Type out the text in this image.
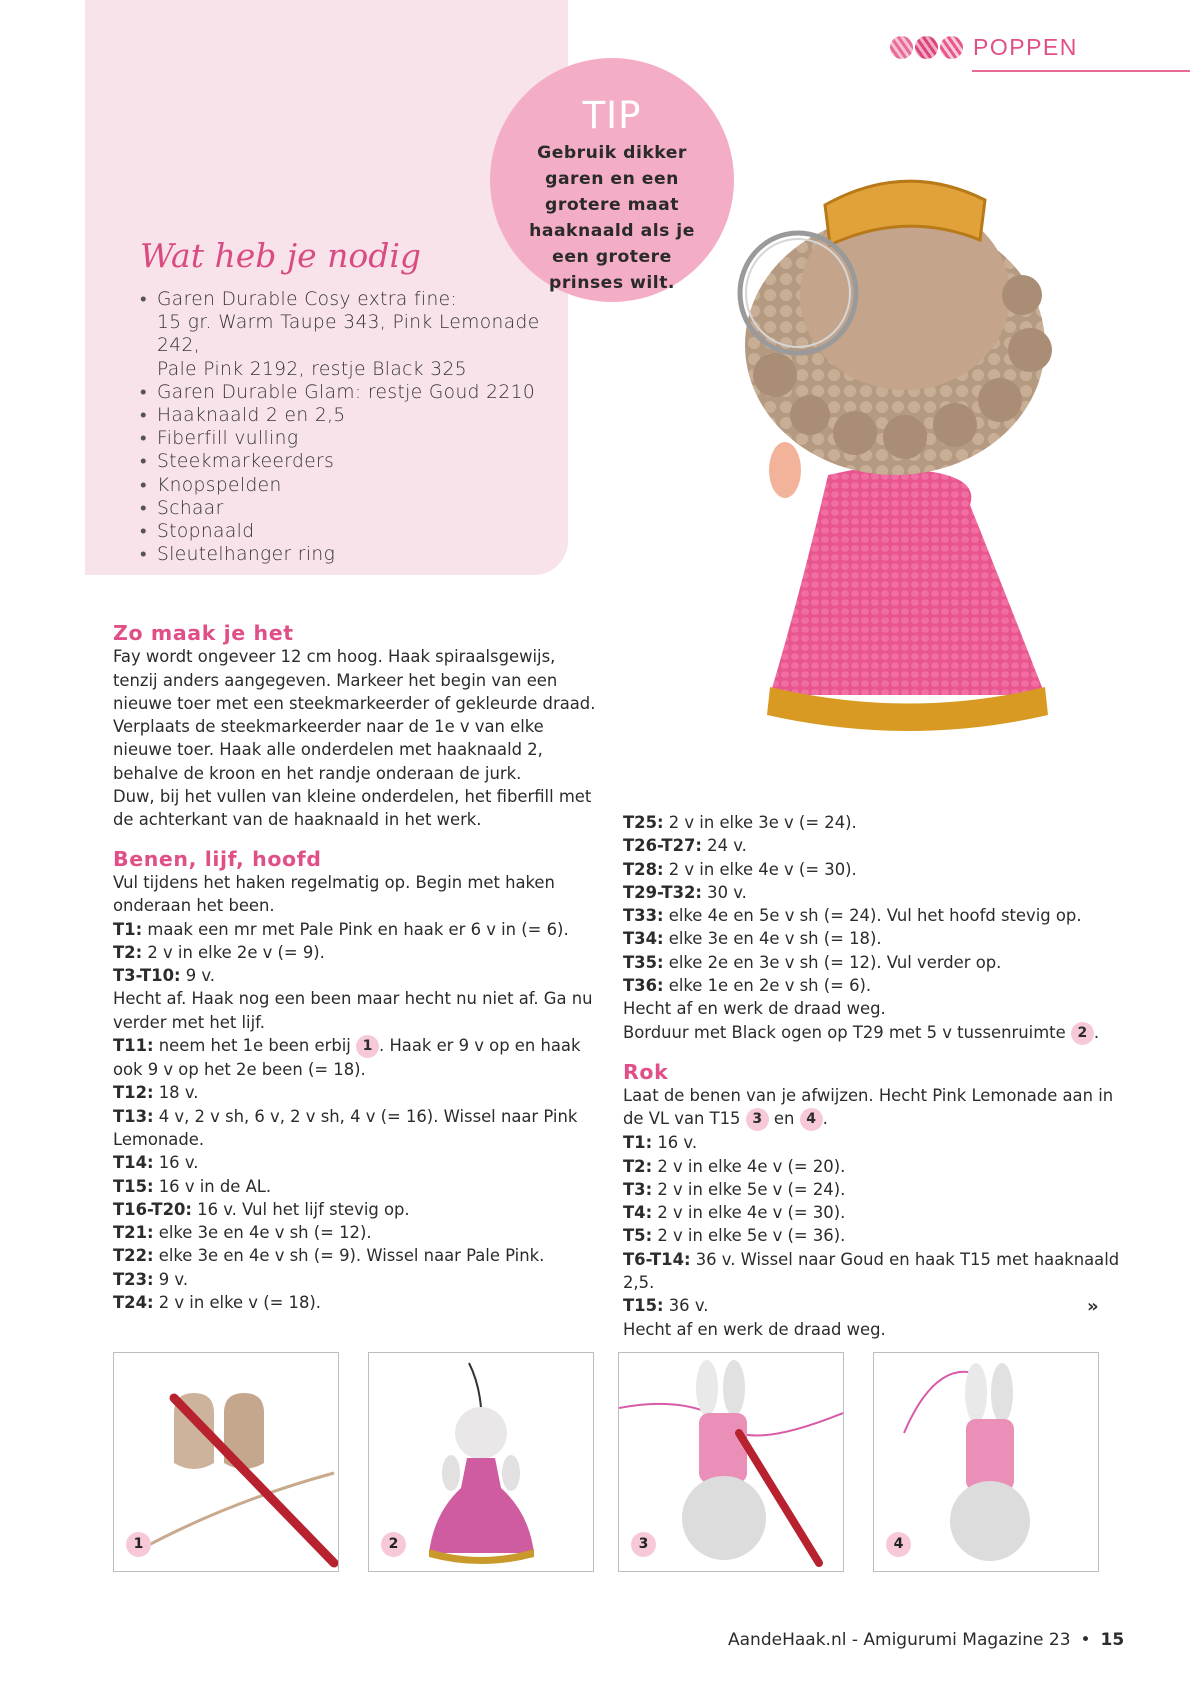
POPPEN
Wat heb je nodig
• Garen Durable Cosy extra fine:
15 gr. Warm Taupe 343, Pink Lemonade 242,
Pale Pink 2192, restje Black 325
• Garen Durable Glam: restje Goud 2210
• Haaknaald 2 en 2,5
• Fiberfill vulling
• Steekmarkeerders
• Knopspelden
• Schaar
• Stopnaald
• Sleutelhanger ring
TIP
Gebruik dikker garen en een grotere maat haaknaald als je een grotere prinses wilt.

Zo maak je het

Fay wordt ongeveer 12 cm hoog. Haak spiraalsgewijs, tenzij anders aangegeven. Markeer het begin van een nieuwe toer met een steekmarkeerder of gekleurde draad. Verplaats de steekmarkeerder naar de 1e v van elke nieuwe toer. Haak alle onderdelen met haaknaald 2, behalve de kroon en het randje onderaan de jurk.

Duw, bij het vullen van kleine onderdelen, het fiberfill met de achterkant van de haaknaald in het werk.

Benen, lijf, hoofd

Vul tijdens het haken regelmatig op. Begin met haken onderaan het been.

T1: maak een mr met Pale Pink en haak er 6 v in (= 6).

T2: 2 v in elke 2e v (= 9).

T3-T10: 9 v.

Hecht af. Haak nog een been maar hecht nu niet af. Ga nu verder met het lijf.

T11: neem het 1e been erbij 1 . Haak er 9 v op en haak ook 9 v op het 2e been (= 18).

T12: 18 v.

T13: 4 v, 2 v sh, 6 v, 2 v sh, 4 v (= 16). Wissel naar Pink Lemonade.

T14: 16 v.

T15: 16 v in de AL.

T16-T20: 16 v. Vul het lijf stevig op.

T21: elke 3e en 4e v sh (= 12).

T22: elke 3e en 4e v sh (= 9). Wissel naar Pale Pink.

T23: 9 v.

T24: 2 v in elke v (= 18).

T25: 2 v in elke 3e v (= 24).

T26-T27: 24 v.

T28: 2 v in elke 4e v (= 30).

T29-T32: 30 v.

T33: elke 4e en 5e v sh (= 24). Vul het hoofd stevig op.

T34: elke 3e en 4e v sh (= 18).

T35: elke 2e en 3e v sh (= 12). Vul verder op.

T36: elke 1e en 2e v sh (= 6).

Hecht af en werk de draad weg.

Borduur met Black ogen op T29 met 5 v tussenruimte 2 .

Rok

Laat de benen van je afwijzen. Hecht Pink Lemonade aan in de VL van T15 3 en 4 .

T1: 16 v.

T2: 2 v in elke 4e v (= 20).

T3: 2 v in elke 5e v (= 24).

T4: 2 v in elke 4e v (= 30).

T5: 2 v in elke 5e v (= 36).

T6-T14: 36 v. Wissel naar Goud en haak T15 met haaknaald 2,5.

T15: 36 v.

Hecht af en werk de draad weg.

»
1	2	3	4
AandeHaak.nl - Amigurumi Magazine 23 • 15
